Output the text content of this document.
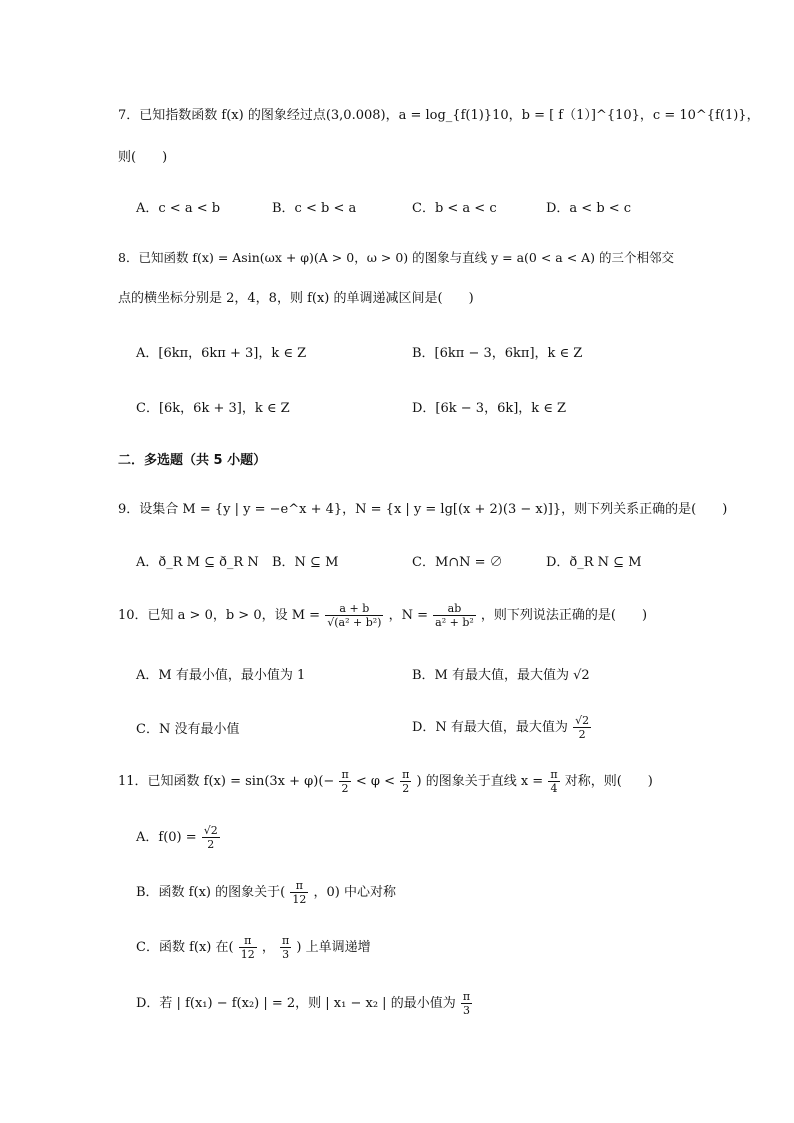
7．已知指数函数 f(x) 的图象经过点(3,0.008)，a = log_{f(1)}10，b = [ f（1）]^{10}，c = 10^{f(1)}，
则(　　)
A．c < a < b	B．c < b < a	C．b < a < c	D．a < b < c
8．已知函数 f(x) = Asin(ωx + φ)(A > 0，ω > 0) 的图象与直线 y = a(0 < a < A) 的三个相邻交
点的横坐标分别是 2，4，8，则 f(x) 的单调递减区间是(　　)
A．[6kπ，6kπ + 3]，k ∈ Z	B．[6kπ − 3，6kπ]，k ∈ Z
C．[6k，6k + 3]，k ∈ Z	D．[6k − 3，6k]，k ∈ Z
二．多选题（共 5 小题）
9．设集合 M = {y | y = −e^x + 4}，N = {x | y = lg[(x + 2)(3 − x)]}，则下列关系正确的是(　　)
A．ð_R M ⊆ ð_R N B．N ⊆ M	C．M∩N = ∅	D．ð_R N ⊆ M
10．已知 a > 0，b > 0，设 $M = \frac{a + b}{\text{√(a² + b²)}}$ ，$N = \frac{ab}{\text{a² + b²}}$ ，则下列说法正确的是(　　)
A．M 有最小值，最小值为 1	B．M 有最大值，最大值为 √2
C．N 没有最小值	D．N 有最大值，最大值为 $\frac{√2}{2}$
11．已知函数 $f(x) = \sin(3x + \varphi)(- \frac{\pi}{2} < \varphi < \frac{\pi}{2}$ ) 的图象关于直线 $x = \frac{\pi}{4}$ 对称，则(　　)
A．$f(0) = \frac{√2}{2}$
B．函数 f(x) 的图象关于( $\frac{\pi}{12}$ ，0) 中心对称
C．函数 f(x) 在( $\frac{\pi}{12}$ ， $\frac{\pi}{3}$ ) 上单调递增
D．若 | f(x₁) − f(x₂) | = 2，则 | x₁ − x₂ | 的最小值为 $\frac{\pi}{3}$
